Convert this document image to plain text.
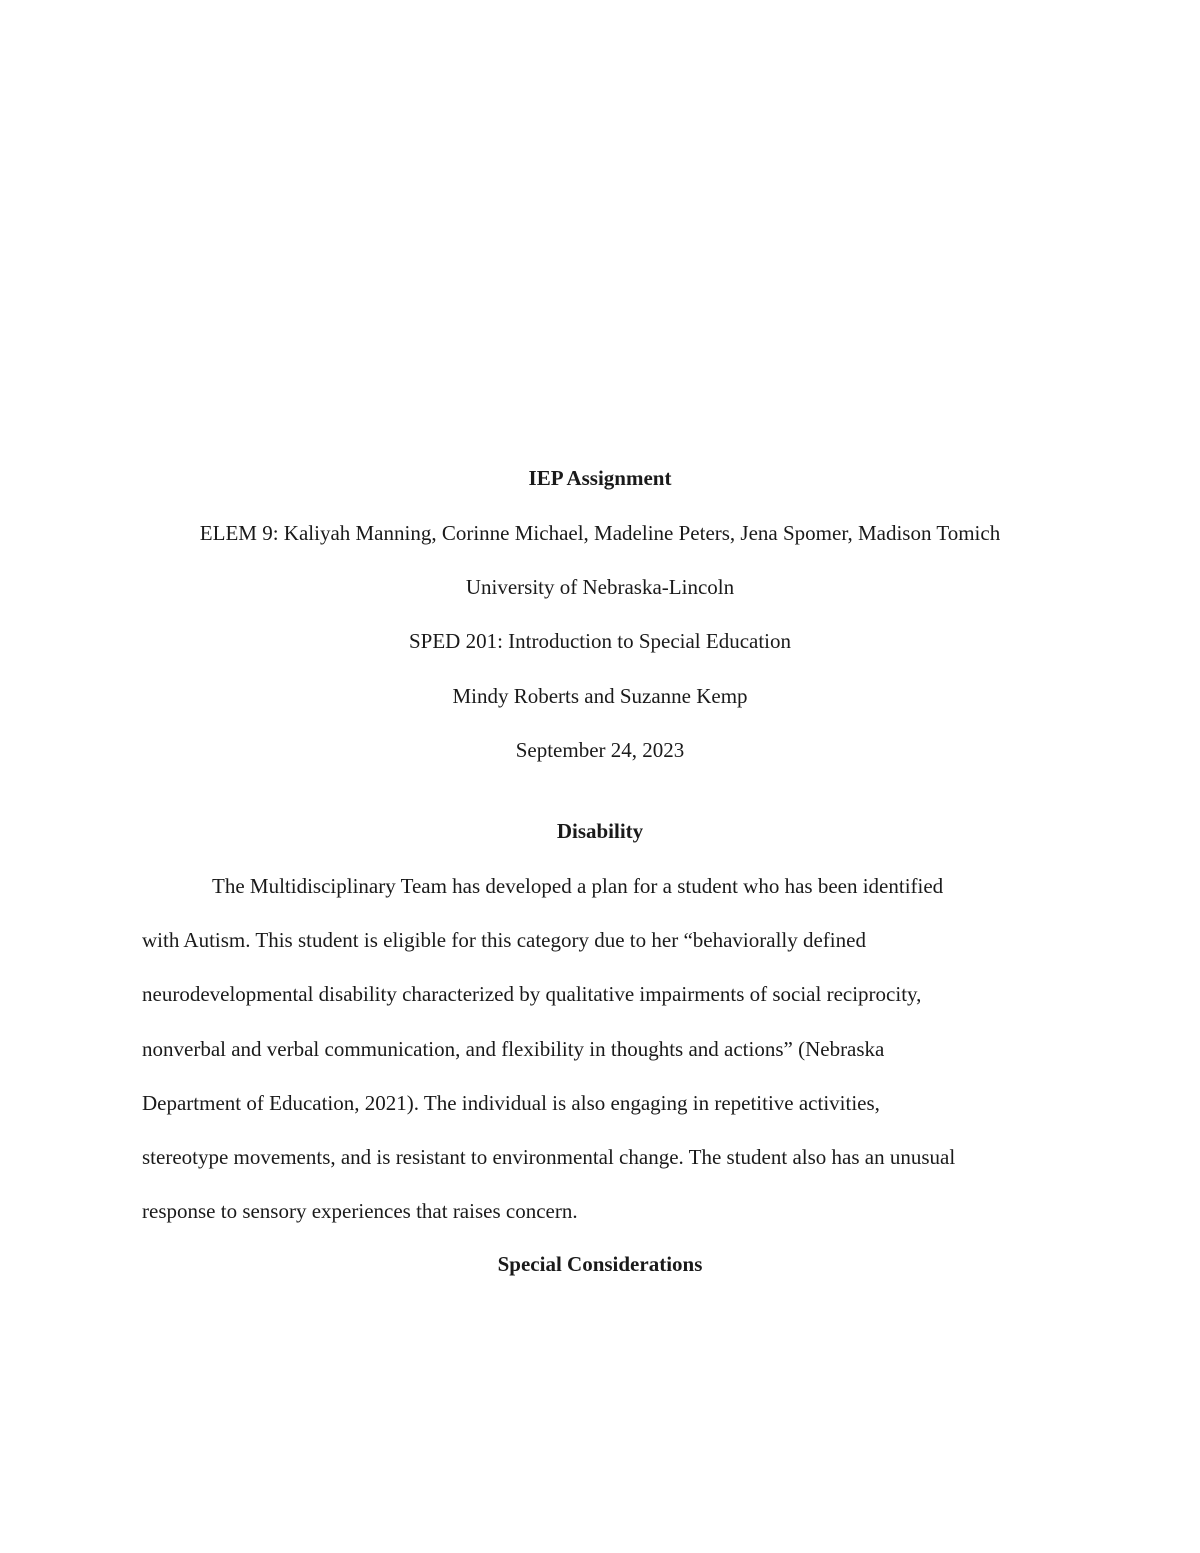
IEP Assignment
ELEM 9: Kaliyah Manning, Corinne Michael, Madeline Peters, Jena Spomer, Madison Tomich
University of Nebraska-Lincoln
SPED 201: Introduction to Special Education
Mindy Roberts and Suzanne Kemp
September 24, 2023
Disability
The Multidisciplinary Team has developed a plan for a student who has been identified
with Autism. This student is eligible for this category due to her “behaviorally defined
neurodevelopmental disability characterized by qualitative impairments of social reciprocity,
nonverbal and verbal communication, and flexibility in thoughts and actions” (Nebraska
Department of Education, 2021). The individual is also engaging in repetitive activities,
stereotype movements, and is resistant to environmental change. The student also has an unusual
response to sensory experiences that raises concern.
Special Considerations
